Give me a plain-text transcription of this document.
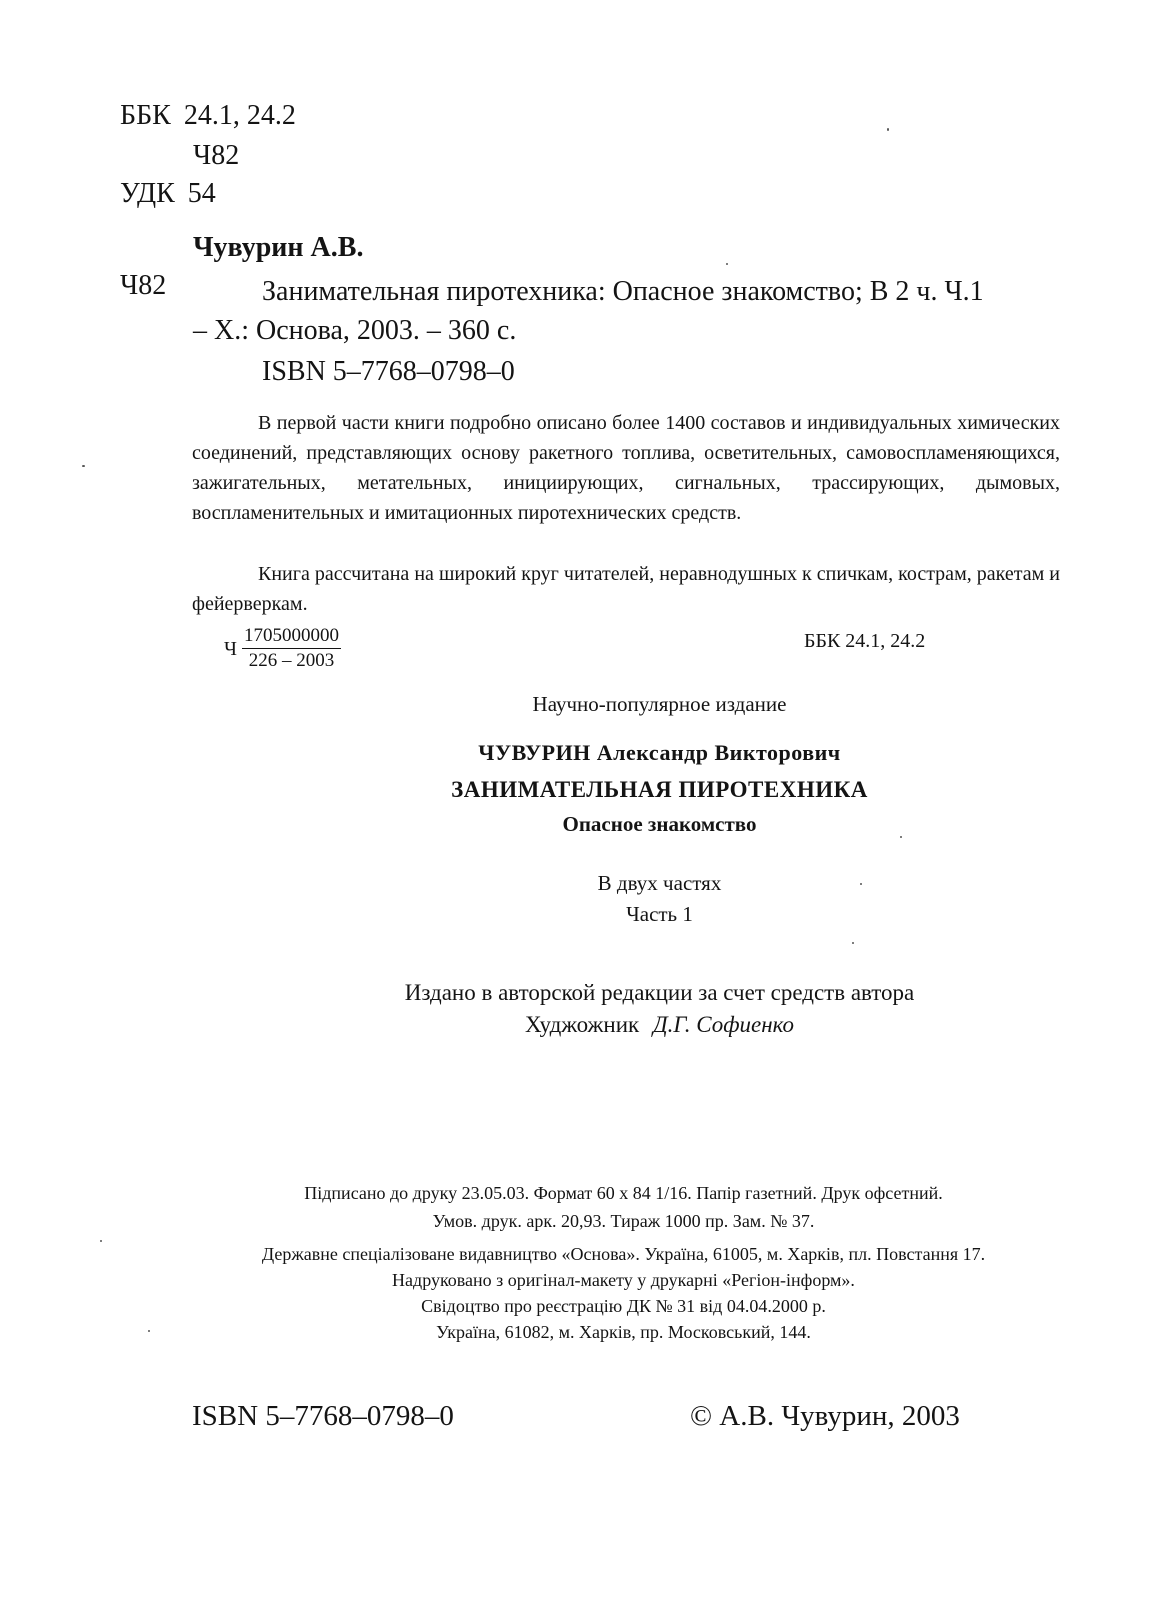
ББК 24.1, 24.2
Ч82
УДК 54
Чувурин А.В.
Ч82	Занимательная пиротехника: Опасное знакомство; В 2 ч. Ч.1
– Х.: Основа, 2003. – 360 с.
ISBN 5–7768–0798–0
В первой части книги подробно описано более 1400 составов и индивидуальных химических соединений, представляющих основу ракетного топлива, осветительных, самовоспламеняющихся, зажигательных, метательных, инициирующих, сигнальных, трассирующих, дымовых, воспламенительных и имитационных пиротехнических средств.
Книга рассчитана на широкий круг читателей, неравнодушных к спичкам, кострам, ракетам и фейерверкам.
Ч $\frac{1705000000}{226 - 2003}$	ББК 24.1, 24.2
Научно-популярное издание
ЧУВУРИН Александр Викторович
ЗАНИМАТЕЛЬНАЯ ПИРОТЕХНИКА
Опасное знакомство
В двух частях
Часть 1
Издано в авторской редакции за счет средств автора
Худжожник Д.Г. Софиенко
Підписано до друку 23.05.03. Формат 60 х 84 1/16. Папір газетний. Друк офсетний.
Умов. друк. арк. 20,93. Тираж 1000 пр. Зам. № 37.
Державне спеціалізоване видавництво «Основа». Україна, 61005, м. Харків, пл. Повстання 17.
Надруковано з оригінал-макету у друкарні «Регіон-інформ».
Свідоцтво про реєстрацію ДК № 31 від 04.04.2000 р.
Україна, 61082, м. Харків, пр. Московський, 144.
ISBN 5–7768–0798–0	© А.В. Чувурин, 2003
